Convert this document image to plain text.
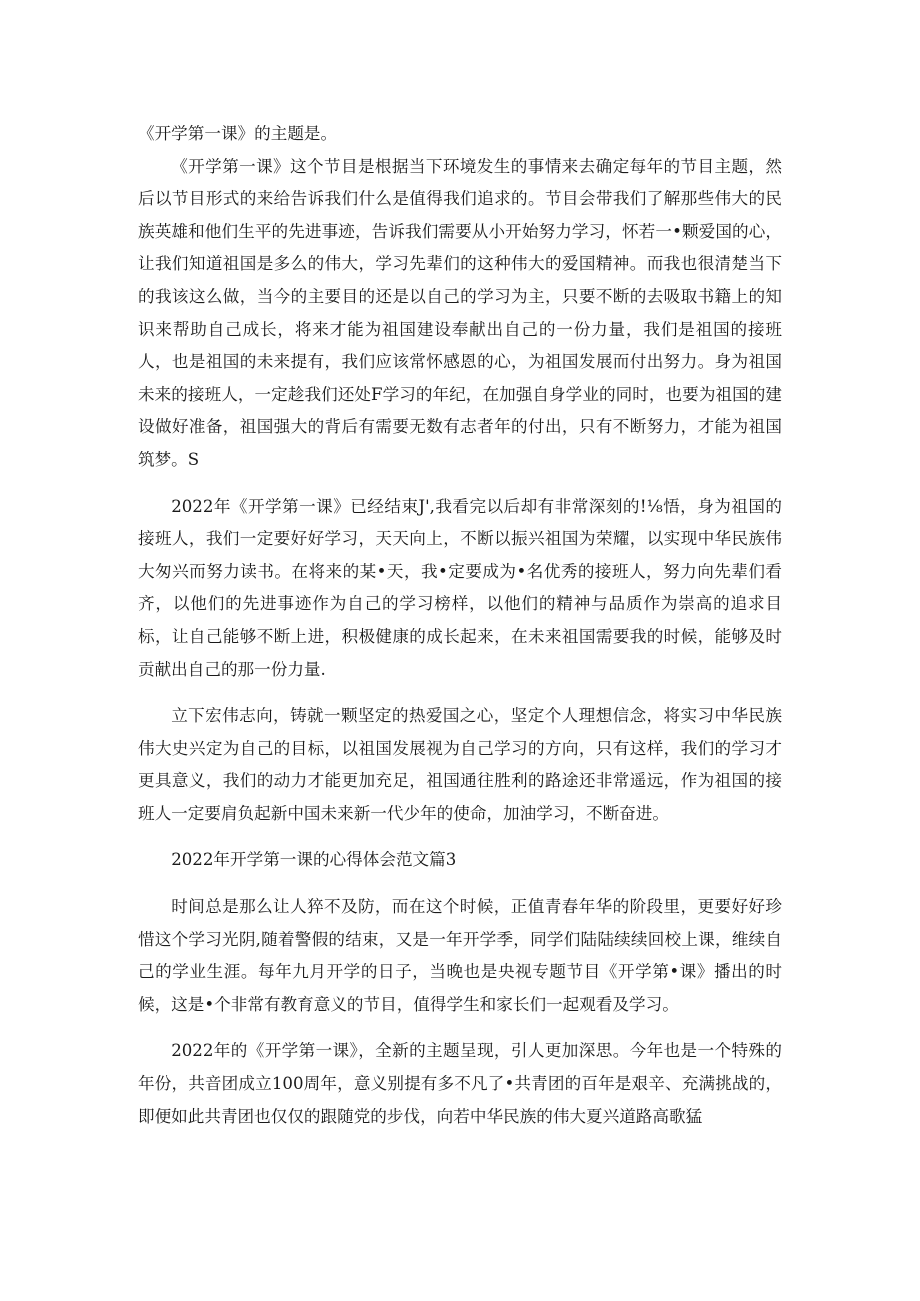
《开学第一课》的主题是。

《开学第一课》这个节目是根据当下环境发生的事情来去确定每年的节目主题，然后以节目形式的来给告诉我们什么是值得我们追求的。节目会带我们了解那些伟大的民族英雄和他们生平的先进事迹，告诉我们需要从小开始努力学习，怀若一•颗爱国的心，让我们知道祖国是多么的伟大，学习先辈们的这种伟大的爱国精神。而我也很清楚当下的我该这么做，当今的主要目的还是以自己的学习为主，只要不断的去吸取书籍上的知识来帮助自己成长，将来才能为祖国建设奉献出自己的一份力量，我们是祖国的接班人，也是祖国的未来提有，我们应该常怀感恩的心，为祖国发展而付出努力。身为祖国未来的接班人，一定趁我们还处F学习的年纪，在加强自身学业的同时，也要为祖国的建设做好准备，祖国强大的背后有需要无数有志者年的付出，只有不断努力，才能为祖国筑梦。S

2022年《开学第一课》已经结束J',我看完以后却有非常深刻的!⅛悟，身为祖国的接班人，我们一定要好好学习，天天向上，不断以振兴祖国为荣耀，以实现中华民族伟大匆兴而努力读书。在将来的某•天，我•定要成为•名优秀的接班人，努力向先辈们看齐，以他们的先进事迹作为自己的学习榜样，以他们的精神与品质作为崇高的追求目标，让自己能够不断上进，积极健康的成长起来，在未来祖国需要我的时候，能够及时贡献出自己的那一份力量.

立下宏伟志向，铸就一颗坚定的热爱国之心，坚定个人理想信念，将实习中华民族伟大史兴定为自己的目标，以祖国发展视为自己学习的方向，只有这样，我们的学习才更具意义，我们的动力才能更加充足，祖国通往胜利的路途还非常遥远，作为祖国的接班人一定要肩负起新中国未来新一代少年的使命，加油学习，不断奋进。

2022年开学第一课的心得体会范文篇3

时间总是那么让人猝不及防，而在这个时候，正值青春年华的阶段里，更要好好珍惜这个学习光阴,随着警假的结束，又是一年开学季，同学们陆陆续续回校上课，维续自己的学业生涯。每年九月开学的日子，当晚也是央视专题节目《开学第•课》播出的时候，这是•个非常有教育意义的节目，值得学生和家长们一起观看及学习。

2022年的《开学第一课》，全新的主题呈现，引人更加深思。今年也是一个特殊的年份，共音团成立100周年，意义别提有多不凡了•共青团的百年是艰辛、充满挑战的，即便如此共青团也仅仅的跟随党的步伐，向若中华民族的伟大夏兴道路高歌猛
